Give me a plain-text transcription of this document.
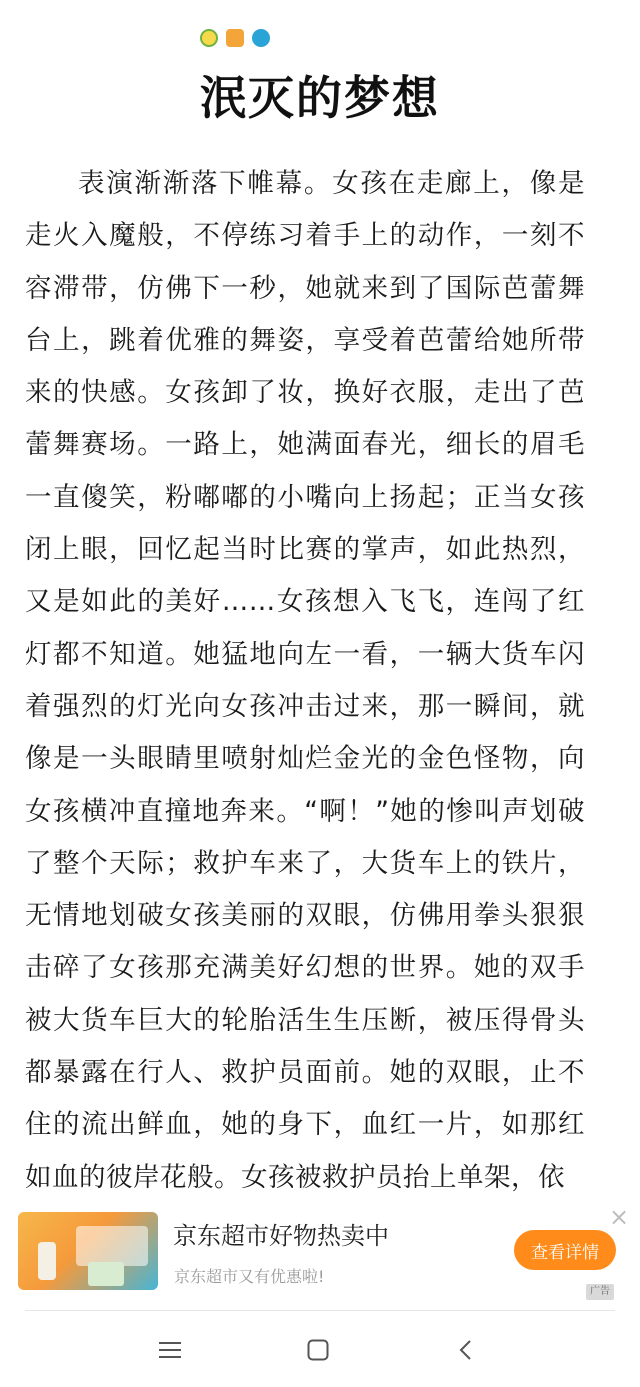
泯灭的梦想

表演渐渐落下帷幕。女孩在走廊上，像是走火入魔般，不停练习着手上的动作，一刻不容滞带，仿佛下一秒，她就来到了国际芭蕾舞台上，跳着优雅的舞姿，享受着芭蕾给她所带来的快感。女孩卸了妆，换好衣服，走出了芭蕾舞赛场。一路上，她满面春光，细长的眉毛一直傻笑，粉嘟嘟的小嘴向上扬起；正当女孩闭上眼，回忆起当时比赛的掌声，如此热烈，又是如此的美好……女孩想入飞飞，连闯了红灯都不知道。她猛地向左一看，一辆大货车闪着强烈的灯光向女孩冲击过来，那一瞬间，就像是一头眼睛里喷射灿烂金光的金色怪物，向女孩横冲直撞地奔来。“啊！”她的惨叫声划破了整个天际；救护车来了，大货车上的铁片，无情地划破女孩美丽的双眼，仿佛用拳头狠狠击碎了女孩那充满美好幻想的世界。她的双手被大货车巨大的轮胎活生生压断，被压得骨头都暴露在行人、救护员面前。她的双眼，止不住的流出鲜血，她的身下，血红一片，如那红如血的彼岸花般。女孩被救护员抬上单架，依

×
京东超市好物热卖中
京东超市又有优惠啦!
查看详情
广告
